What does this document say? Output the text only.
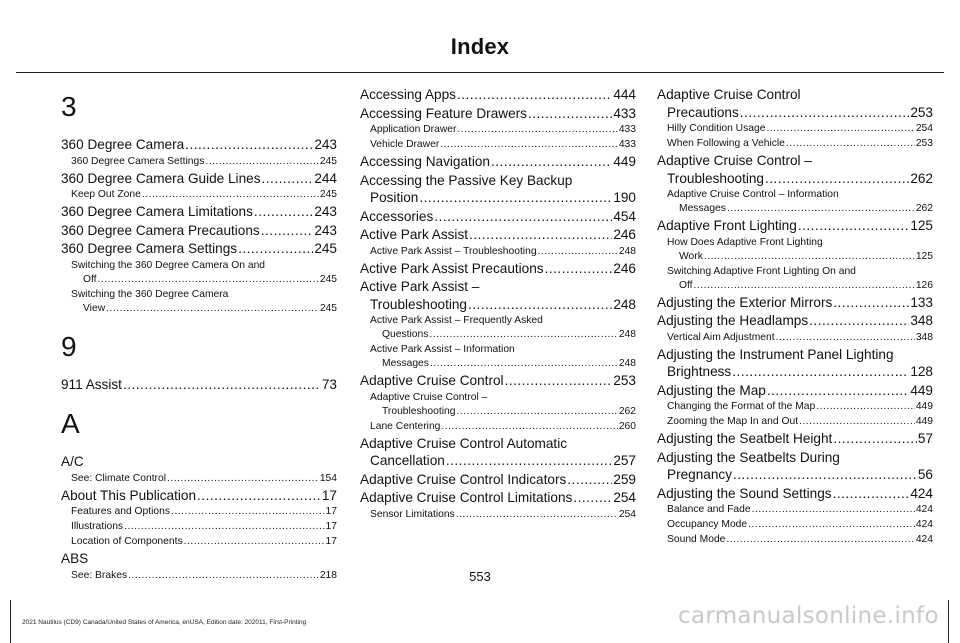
Index
3
360 Degree Camera .....	243
360 Degree Camera Settings .....	245
360 Degree Camera Guide Lines .....	244
Keep Out Zone .....	245
360 Degree Camera Limitations .....	243
360 Degree Camera Precautions .....	243
360 Degree Camera Settings .....	245
Switching the 360 Degree Camera On and
Off .....	245
Switching the 360 Degree Camera
View .....	245
9
911 Assist .....	73
A
A/C
See: Climate Control .....	154
About This Publication .....	17
Features and Options .....	17
Illustrations .....	17
Location of Components .....	17
ABS
See: Brakes .....	218
Accessing Apps .....	444
Accessing Feature Drawers .....	433
Application Drawer .....	433
Vehicle Drawer .....	433
Accessing Navigation .....	449
Accessing the Passive Key Backup
Position .....	190
Accessories .....	454
Active Park Assist .....	246
Active Park Assist – Troubleshooting .....	248
Active Park Assist Precautions .....	246
Active Park Assist –
Troubleshooting .....	248
Active Park Assist – Frequently Asked
Questions .....	248
Active Park Assist – Information
Messages .....	248
Adaptive Cruise Control .....	253
Adaptive Cruise Control –
Troubleshooting .....	262
Lane Centering .....	260
Adaptive Cruise Control Automatic
Cancellation .....	257
Adaptive Cruise Control Indicators .....	259
Adaptive Cruise Control Limitations .....	254
Sensor Limitations .....	254
Adaptive Cruise Control
Precautions .....	253
Hilly Condition Usage .....	254
When Following a Vehicle .....	253
Adaptive Cruise Control –
Troubleshooting .....	262
Adaptive Cruise Control – Information
Messages .....	262
Adaptive Front Lighting .....	125
How Does Adaptive Front Lighting
Work .....	125
Switching Adaptive Front Lighting On and
Off .....	126
Adjusting the Exterior Mirrors .....	133
Adjusting the Headlamps .....	348
Vertical Aim Adjustment .....	348
Adjusting the Instrument Panel Lighting
Brightness .....	128
Adjusting the Map .....	449
Changing the Format of the Map .....	449
Zooming the Map In and Out .....	449
Adjusting the Seatbelt Height .....	57
Adjusting the Seatbelts During
Pregnancy .....	56
Adjusting the Sound Settings .....	424
Balance and Fade .....	424
Occupancy Mode .....	424
Sound Mode .....	424
553
2021 Nautilus (CD9) Canada/United States of America, enUSA, Edition date: 202011, First-Printing	carmanualsonline.info
